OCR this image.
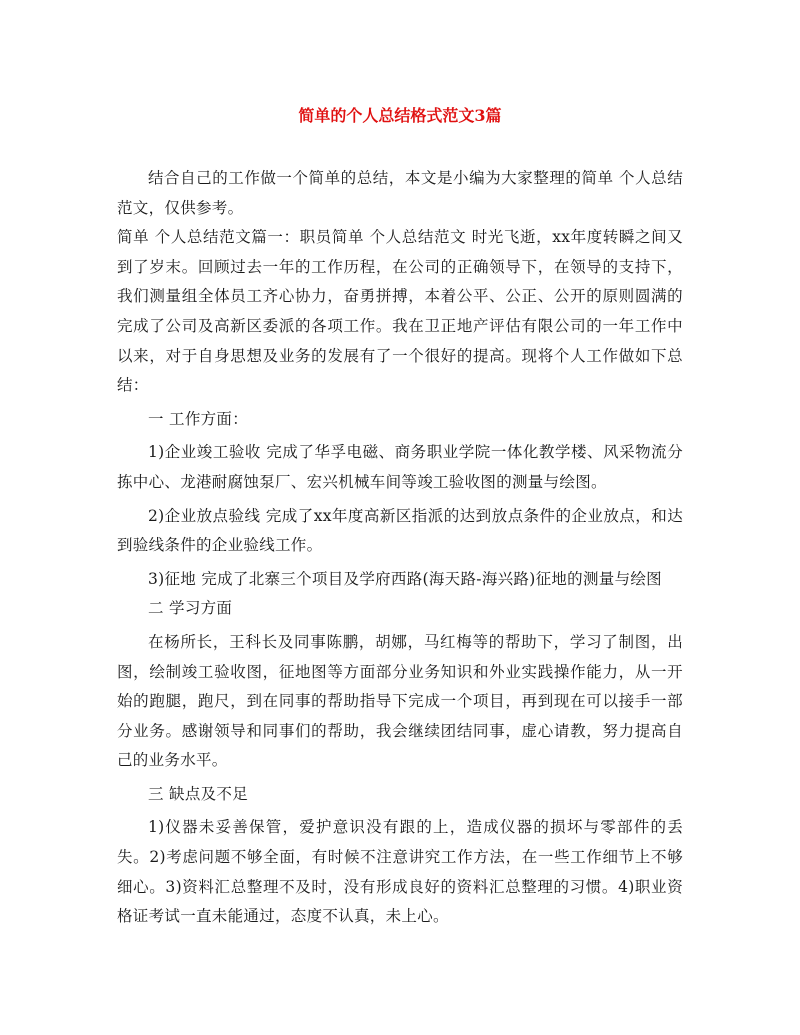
简单的个人总结格式范文3篇

结合自己的工作做一个简单的总结，本文是小编为大家整理的简单 个人总结范文，仅供参考。

简单 个人总结范文篇一：职员简单 个人总结范文 时光飞逝，xx年度转瞬之间又到了岁末。回顾过去一年的工作历程，在公司的正确领导下，在领导的支持下，我们测量组全体员工齐心协力，奋勇拼搏，本着公平、公正、公开的原则圆满的完成了公司及高新区委派的各项工作。我在卫正地产评估有限公司的一年工作中以来，对于自身思想及业务的发展有了一个很好的提高。现将个人工作做如下总结：

一 工作方面：

1)企业竣工验收 完成了华孚电磁、商务职业学院一体化教学楼、风采物流分拣中心、龙港耐腐蚀泵厂、宏兴机械车间等竣工验收图的测量与绘图。

2)企业放点验线 完成了xx年度高新区指派的达到放点条件的企业放点，和达到验线条件的企业验线工作。

3)征地 完成了北寨三个项目及学府西路(海天路-海兴路)征地的测量与绘图

二 学习方面

在杨所长，王科长及同事陈鹏，胡娜，马红梅等的帮助下，学习了制图，出图，绘制竣工验收图，征地图等方面部分业务知识和外业实践操作能力，从一开始的跑腿，跑尺，到在同事的帮助指导下完成一个项目，再到现在可以接手一部分业务。感谢领导和同事们的帮助，我会继续团结同事，虚心请教，努力提高自己的业务水平。

三 缺点及不足

1)仪器未妥善保管，爱护意识没有跟的上，造成仪器的损坏与零部件的丢失。2)考虑问题不够全面，有时候不注意讲究工作方法，在一些工作细节上不够细心。3)资料汇总整理不及时，没有形成良好的资料汇总整理的习惯。4)职业资格证考试一直未能通过，态度不认真，未上心。
